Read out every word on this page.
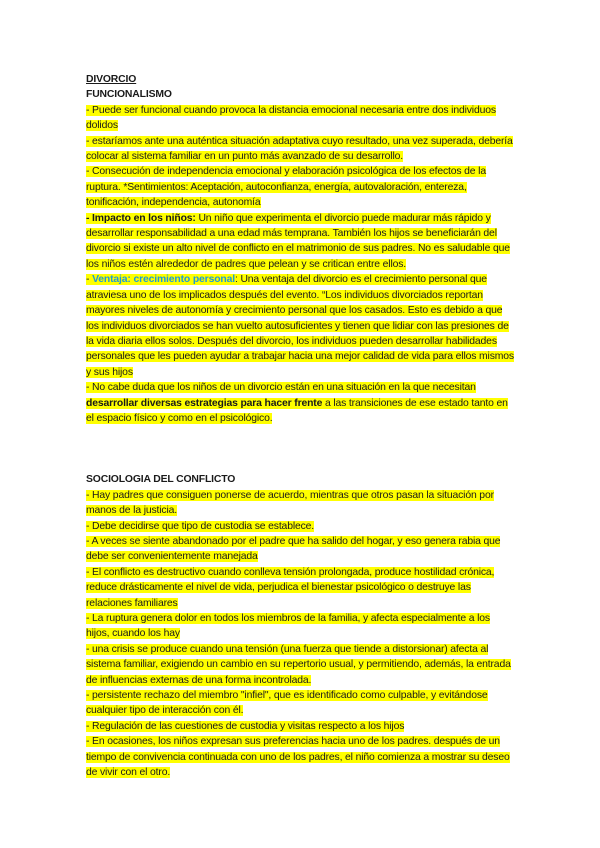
DIVORCIO
FUNCIONALISMO

- Puede ser funcional cuando provoca la distancia emocional necesaria entre dos individuos dolidos

- estaríamos ante una auténtica situación adaptativa cuyo resultado, una vez superada, debería colocar al sistema familiar en un punto más avanzado de su desarrollo.

- Consecución de independencia emocional y elaboración psicológica de los efectos de la ruptura. *Sentimientos: Aceptación, autoconfianza, energía, autovaloración, entereza, tonificación, independencia, autonomía

- Impacto en los niños: Un niño que experimenta el divorcio puede madurar más rápido y desarrollar responsabilidad a una edad más temprana. También los hijos se beneficiarán del divorcio si existe un alto nivel de conflicto en el matrimonio de sus padres. No es saludable que los niños estén alrededor de padres que pelean y se critican entre ellos.

- Ventaja: crecimiento personal: Una ventaja del divorcio es el crecimiento personal que atraviesa uno de los implicados después del evento. “Los individuos divorciados reportan mayores niveles de autonomía y crecimiento personal que los casados. Esto es debido a que los individuos divorciados se han vuelto autosuficientes y tienen que lidiar con las presiones de la vida diaria ellos solos. Después del divorcio, los individuos pueden desarrollar habilidades personales que les pueden ayudar a trabajar hacia una mejor calidad de vida para ellos mismos y sus hijos

- No cabe duda que los niños de un divorcio están en una situación en la que necesitan desarrollar diversas estrategias para hacer frente a las transiciones de ese estado tanto en el espacio físico y como en el psicológico.

SOCIOLOGIA DEL CONFLICTO

- Hay padres que consiguen ponerse de acuerdo, mientras que otros pasan la situación por manos de la justicia.

- Debe decidirse que tipo de custodia se establece.

- A veces se siente abandonado por el padre que ha salido del hogar, y eso genera rabia que debe ser convenientemente manejada

- El conflicto es destructivo cuando conlleva tensión prolongada, produce hostilidad crónica, reduce drásticamente el nivel de vida, perjudica el bienestar psicológico o destruye las relaciones familiares

- La ruptura genera dolor en todos los miembros de la familia, y afecta especialmente a los hijos, cuando los hay

- una crisis se produce cuando una tensión (una fuerza que tiende a distorsionar) afecta al sistema familiar, exigiendo un cambio en su repertorio usual, y permitiendo, además, la entrada de influencias externas de una forma incontrolada.

- persistente rechazo del miembro "infiel", que es identificado como culpable, y evitándose cualquier tipo de interacción con él.

- Regulación de las cuestiones de custodia y visitas respecto a los hijos

- En ocasiones, los niños expresan sus preferencias hacia uno de los padres. después de un tiempo de convivencia continuada con uno de los padres, el niño comienza a mostrar su deseo de vivir con el otro.
